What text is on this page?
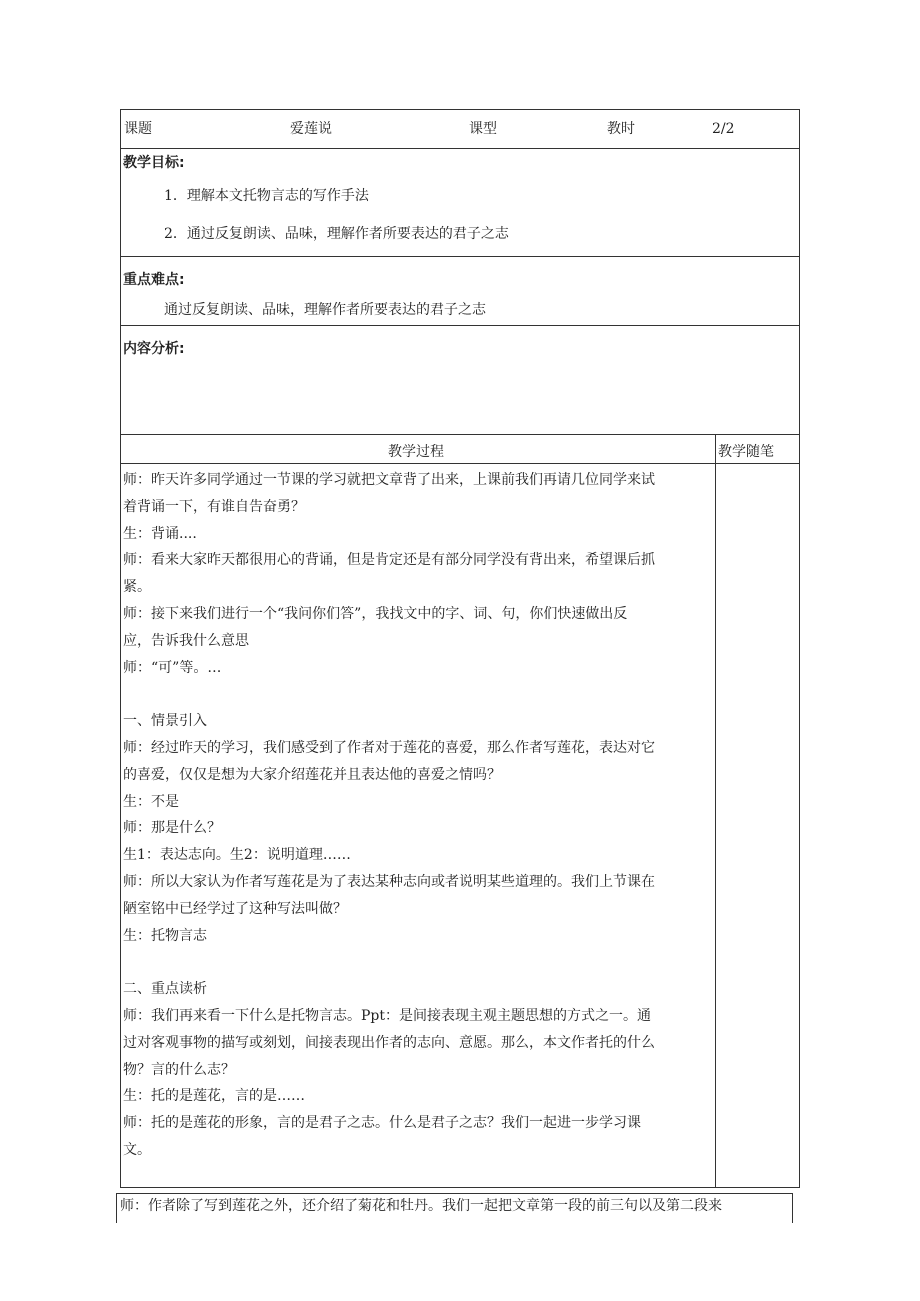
课题	爱莲说	课型	教时	2/2
教学目标:
1．理解本文托物言志的写作手法
2．通过反复朗读、品味，理解作者所要表达的君子之志
重点难点:
通过反复朗读、品味，理解作者所要表达的君子之志
内容分析:
教学过程	教学随笔
师：昨天许多同学通过一节课的学习就把文章背了出来，上课前我们再请几位同学来试
着背诵一下，有谁自告奋勇？
生：背诵....
师：看来大家昨天都很用心的背诵，但是肯定还是有部分同学没有背出来，希望课后抓
紧。
师：接下来我们进行一个“我问你们答”，我找文中的字、词、句，你们快速做出反
应，告诉我什么意思
师：“可”等。…
一、情景引入
师：经过昨天的学习，我们感受到了作者对于莲花的喜爱，那么作者写莲花，表达对它
的喜爱，仅仅是想为大家介绍莲花并且表达他的喜爱之情吗？
生：不是
师：那是什么？
生1：表达志向。生2：说明道理……
师：所以大家认为作者写莲花是为了表达某种志向或者说明某些道理的。我们上节课在
陋室铭中已经学过了这种写法叫做？
生：托物言志
二、重点读析
师：我们再来看一下什么是托物言志。Ppt：是间接表现主观主题思想的方式之一。通
过对客观事物的描写或刻划，间接表现出作者的志向、意愿。那么，本文作者托的什么
物？言的什么志？
生：托的是莲花，言的是……
师：托的是莲花的形象，言的是君子之志。什么是君子之志？我们一起进一步学习课
文。
师：作者除了写到莲花之外，还介绍了菊花和牡丹。我们一起把文章第一段的前三句以及第二段来
